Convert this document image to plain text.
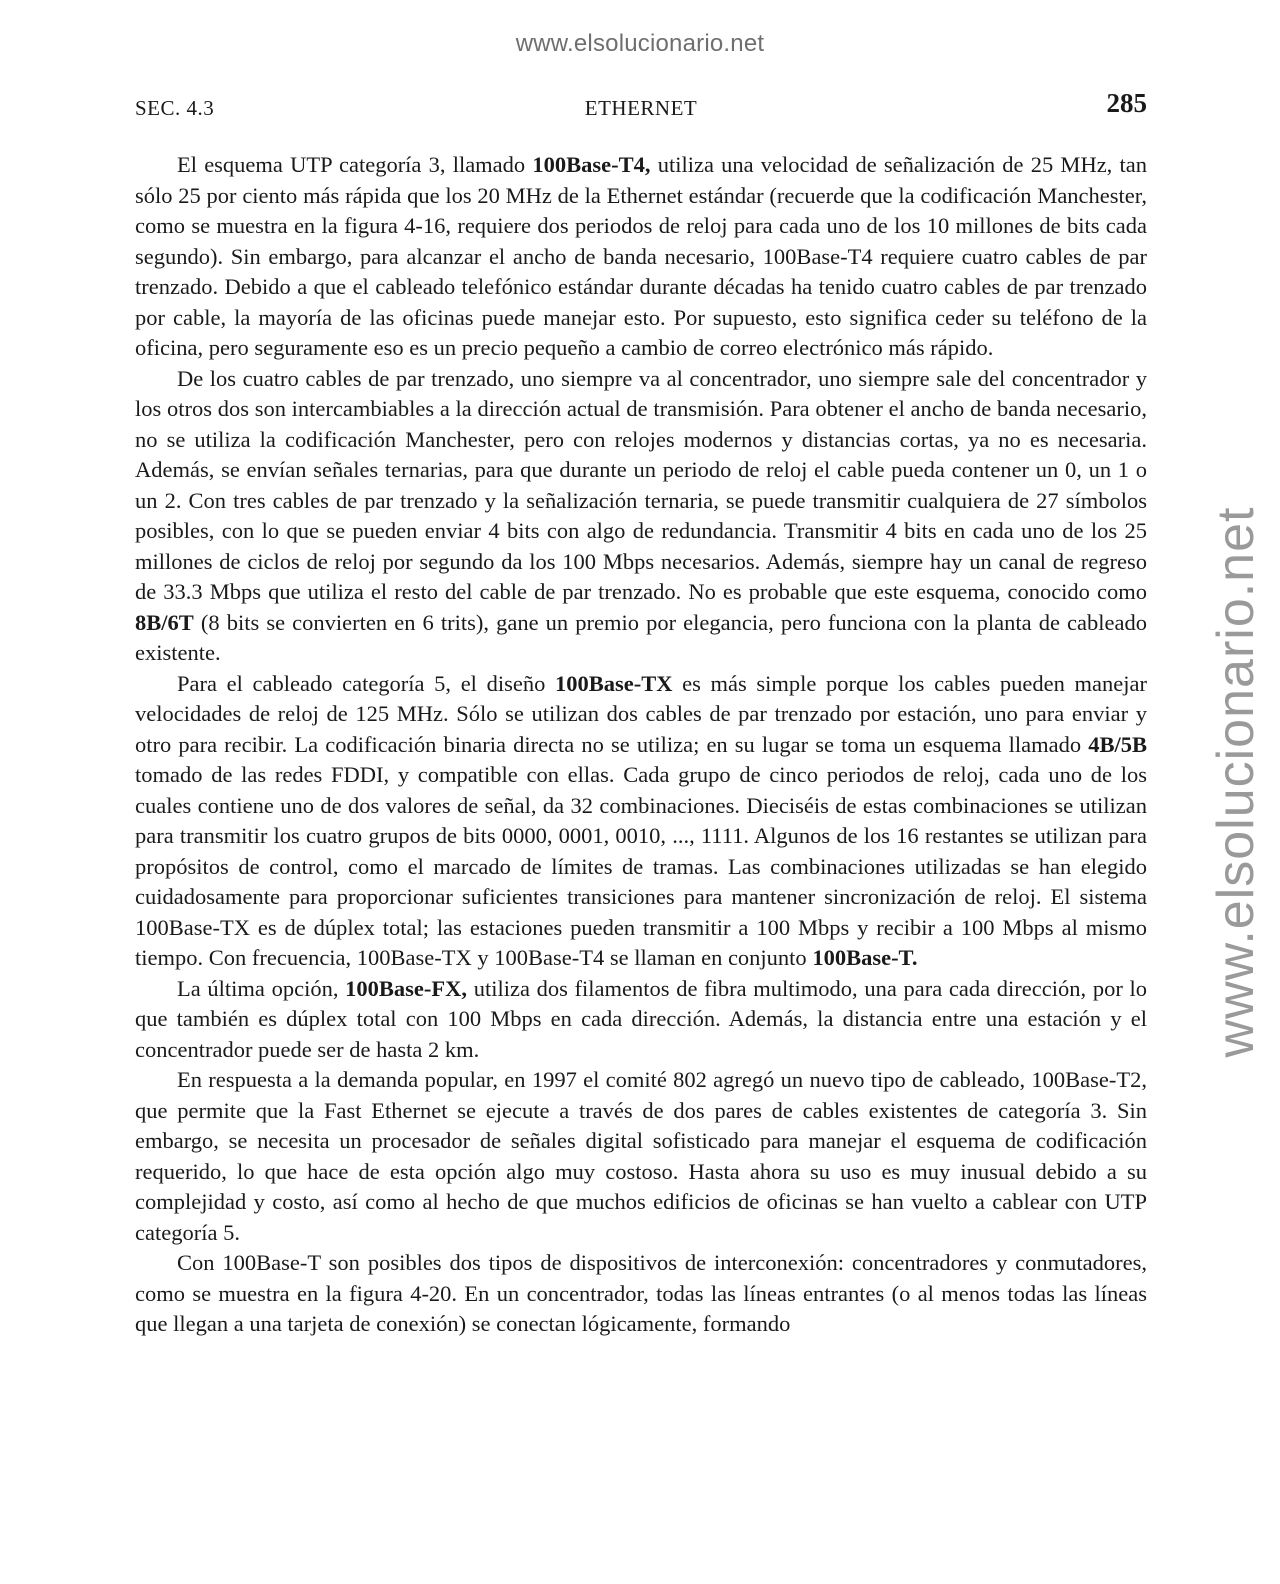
www.elsolucionario.net
www.elsolucionario.net
SEC. 4.3	ETHERNET	285

El esquema UTP categoría 3, llamado 100Base-T4, utiliza una velocidad de señalización de 25 MHz, tan sólo 25 por ciento más rápida que los 20 MHz de la Ethernet estándar (recuerde que la codificación Manchester, como se muestra en la figura 4-16, requiere dos periodos de reloj para cada uno de los 10 millones de bits cada segundo). Sin embargo, para alcanzar el ancho de banda necesario, 100Base-T4 requiere cuatro cables de par trenzado. Debido a que el cableado telefónico estándar durante décadas ha tenido cuatro cables de par trenzado por cable, la mayoría de las oficinas puede manejar esto. Por supuesto, esto significa ceder su teléfono de la oficina, pero seguramente eso es un precio pequeño a cambio de correo electrónico más rápido.

De los cuatro cables de par trenzado, uno siempre va al concentrador, uno siempre sale del concentrador y los otros dos son intercambiables a la dirección actual de transmisión. Para obtener el ancho de banda necesario, no se utiliza la codificación Manchester, pero con relojes modernos y distancias cortas, ya no es necesaria. Además, se envían señales ternarias, para que durante un periodo de reloj el cable pueda contener un 0, un 1 o un 2. Con tres cables de par trenzado y la señalización ternaria, se puede transmitir cualquiera de 27 símbolos posibles, con lo que se pueden enviar 4 bits con algo de redundancia. Transmitir 4 bits en cada uno de los 25 millones de ciclos de reloj por segundo da los 100 Mbps necesarios. Además, siempre hay un canal de regreso de 33.3 Mbps que utiliza el resto del cable de par trenzado. No es probable que este esquema, conocido como 8B/6T (8 bits se convierten en 6 trits), gane un premio por elegancia, pero funciona con la planta de cableado existente.

Para el cableado categoría 5, el diseño 100Base-TX es más simple porque los cables pueden manejar velocidades de reloj de 125 MHz. Sólo se utilizan dos cables de par trenzado por estación, uno para enviar y otro para recibir. La codificación binaria directa no se utiliza; en su lugar se toma un esquema llamado 4B/5B tomado de las redes FDDI, y compatible con ellas. Cada grupo de cinco periodos de reloj, cada uno de los cuales contiene uno de dos valores de señal, da 32 combinaciones. Dieciséis de estas combinaciones se utilizan para transmitir los cuatro grupos de bits 0000, 0001, 0010, ..., 1111. Algunos de los 16 restantes se utilizan para propósitos de control, como el marcado de límites de tramas. Las combinaciones utilizadas se han elegido cuidadosamente para proporcionar suficientes transiciones para mantener sincronización de reloj. El sistema 100Base-TX es de dúplex total; las estaciones pueden transmitir a 100 Mbps y recibir a 100 Mbps al mismo tiempo. Con frecuencia, 100Base-TX y 100Base-T4 se llaman en conjunto 100Base-T.

La última opción, 100Base-FX, utiliza dos filamentos de fibra multimodo, una para cada dirección, por lo que también es dúplex total con 100 Mbps en cada dirección. Además, la distancia entre una estación y el concentrador puede ser de hasta 2 km.

En respuesta a la demanda popular, en 1997 el comité 802 agregó un nuevo tipo de cableado, 100Base-T2, que permite que la Fast Ethernet se ejecute a través de dos pares de cables existentes de categoría 3. Sin embargo, se necesita un procesador de señales digital sofisticado para manejar el esquema de codificación requerido, lo que hace de esta opción algo muy costoso. Hasta ahora su uso es muy inusual debido a su complejidad y costo, así como al hecho de que muchos edificios de oficinas se han vuelto a cablear con UTP categoría 5.

Con 100Base-T son posibles dos tipos de dispositivos de interconexión: concentradores y conmutadores, como se muestra en la figura 4-20. En un concentrador, todas las líneas entrantes (o al menos todas las líneas que llegan a una tarjeta de conexión) se conectan lógicamente, formando
